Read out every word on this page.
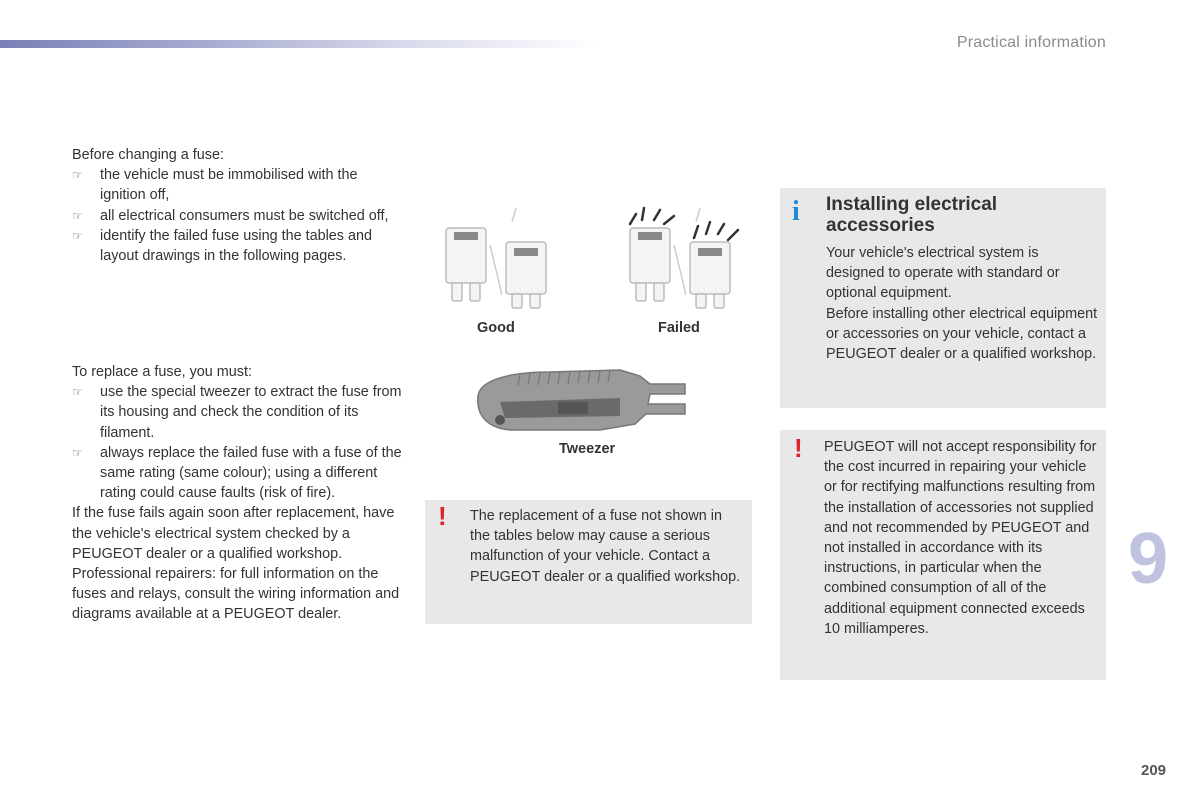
Practical information

Before changing a fuse:

☞ the vehicle must be immobilised with the ignition off,
☞ all electrical consumers must be switched off,
☞ identify the failed fuse using the tables and layout drawings in the following pages.

To replace a fuse, you must:

☞ use the special tweezer to extract the fuse from its housing and check the condition of its filament.
☞ always replace the failed fuse with a fuse of the same rating (same colour); using a different rating could cause faults (risk of fire).

If the fuse fails again soon after replacement, have the vehicle's electrical system checked by a PEUGEOT dealer or a qualified workshop.

Professional repairers: for full information on the fuses and relays, consult the wiring information and diagrams available at a PEUGEOT dealer.

Good	Failed
Tweezer
! The replacement of a fuse not shown in the tables below may cause a serious malfunction of your vehicle. Contact a PEUGEOT dealer or a qualified workshop.
i Installing electrical accessories
Your vehicle's electrical system is designed to operate with standard or optional equipment.
Before installing other electrical equipment or accessories on your vehicle, contact a PEUGEOT dealer or a qualified workshop.
! PEUGEOT will not accept responsibility for the cost incurred in repairing your vehicle or for rectifying malfunctions resulting from the installation of accessories not supplied and not recommended by PEUGEOT and not installed in accordance with its instructions, in particular when the combined consumption of all of the additional equipment connected exceeds 10 milliamperes.
9
209
